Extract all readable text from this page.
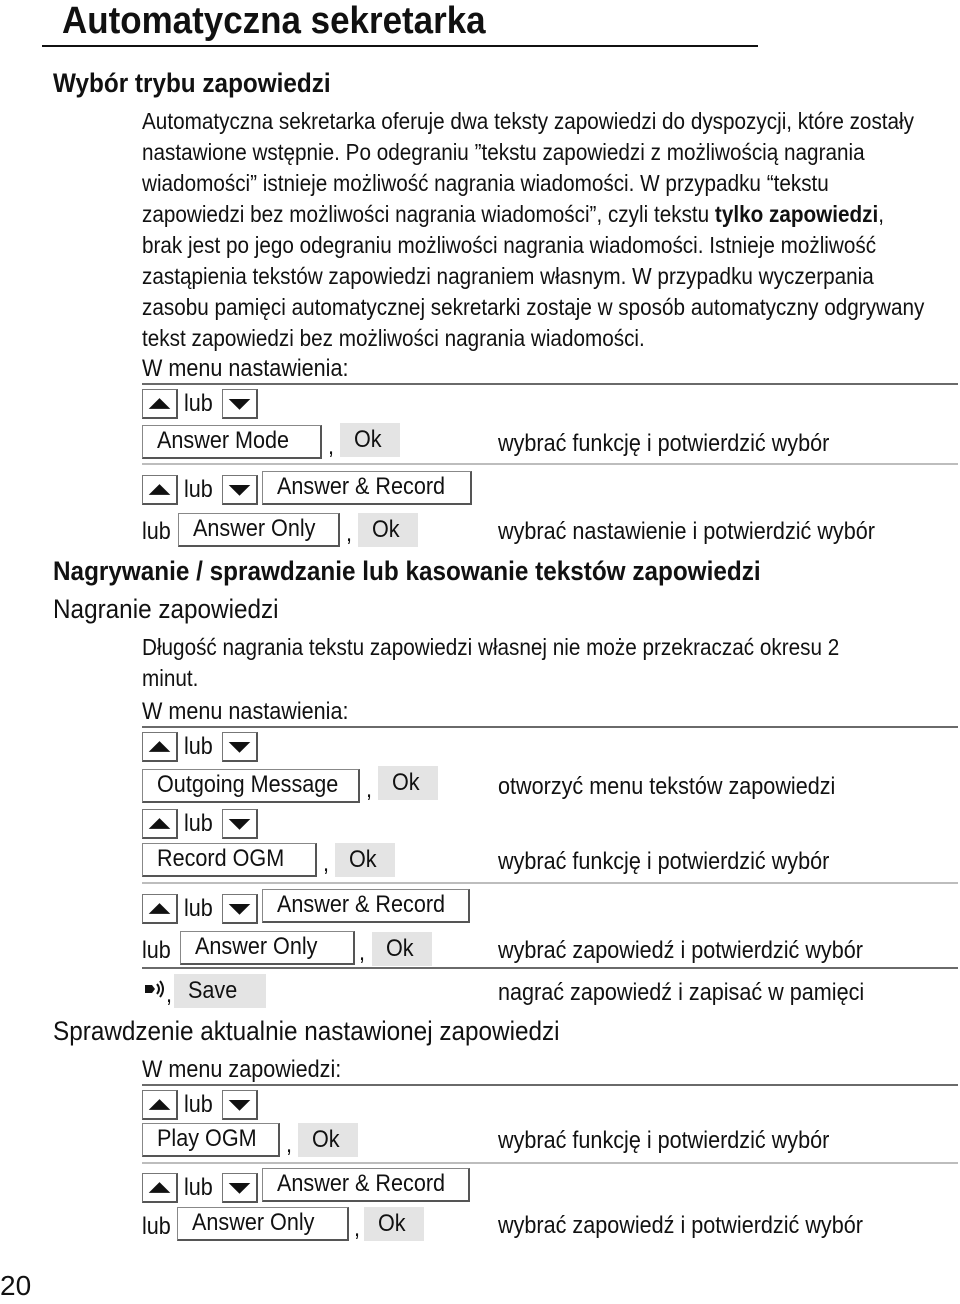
Automatyczna sekretarka
Wybór trybu zapowiedzi
Automatyczna sekretarka oferuje dwa teksty zapowiedzi do dyspozycji, które zostały
nastawione wstępnie. Po odegraniu ”tekstu zapowiedzi z możliwością nagrania
wiadomości” istnieje możliwość nagrania wiadomości. W przypadku “tekstu
zapowiedzi bez możliwości nagrania wiadomości”, czyli tekstu tylko zapowiedzi,
brak jest po jego odegraniu możliwości nagrania wiadomości. Istnieje możliwość
zastąpienia tekstów zapowiedzi nagraniem własnym. W przypadku wyczerpania
zasobu pamięci automatycznej sekretarki zostaje w sposób automatyczny odgrywany
tekst zapowiedzi bez możliwości nagrania wiadomości.
W menu nastawienia:
lub
Answer Mode	, Ok	wybrać funkcję i potwierdzić wybór
lub	Answer & Record
lub Answer Only	, Ok	wybrać nastawienie i potwierdzić wybór
Nagrywanie / sprawdzanie lub kasowanie tekstów zapowiedzi
Nagranie zapowiedzi
Długość nagrania tekstu zapowiedzi własnej nie może przekraczać okresu 2
minut.
W menu nastawienia:
lub
Outgoing Message	, Ok	otworzyć menu tekstów zapowiedzi
lub
Record OGM	, Ok	wybrać funkcję i potwierdzić wybór
lub	Answer & Record
lub	Answer Only	, Ok	wybrać zapowiedź i potwierdzić wybór
, Save	nagrać zapowiedź i zapisać w pamięci
Sprawdzenie aktualnie nastawionej zapowiedzi
W menu zapowiedzi:
lub
Play OGM	, Ok	wybrać funkcję i potwierdzić wybór
lub	Answer & Record
lub Answer Only	, Ok	wybrać zapowiedź i potwierdzić wybór
20
